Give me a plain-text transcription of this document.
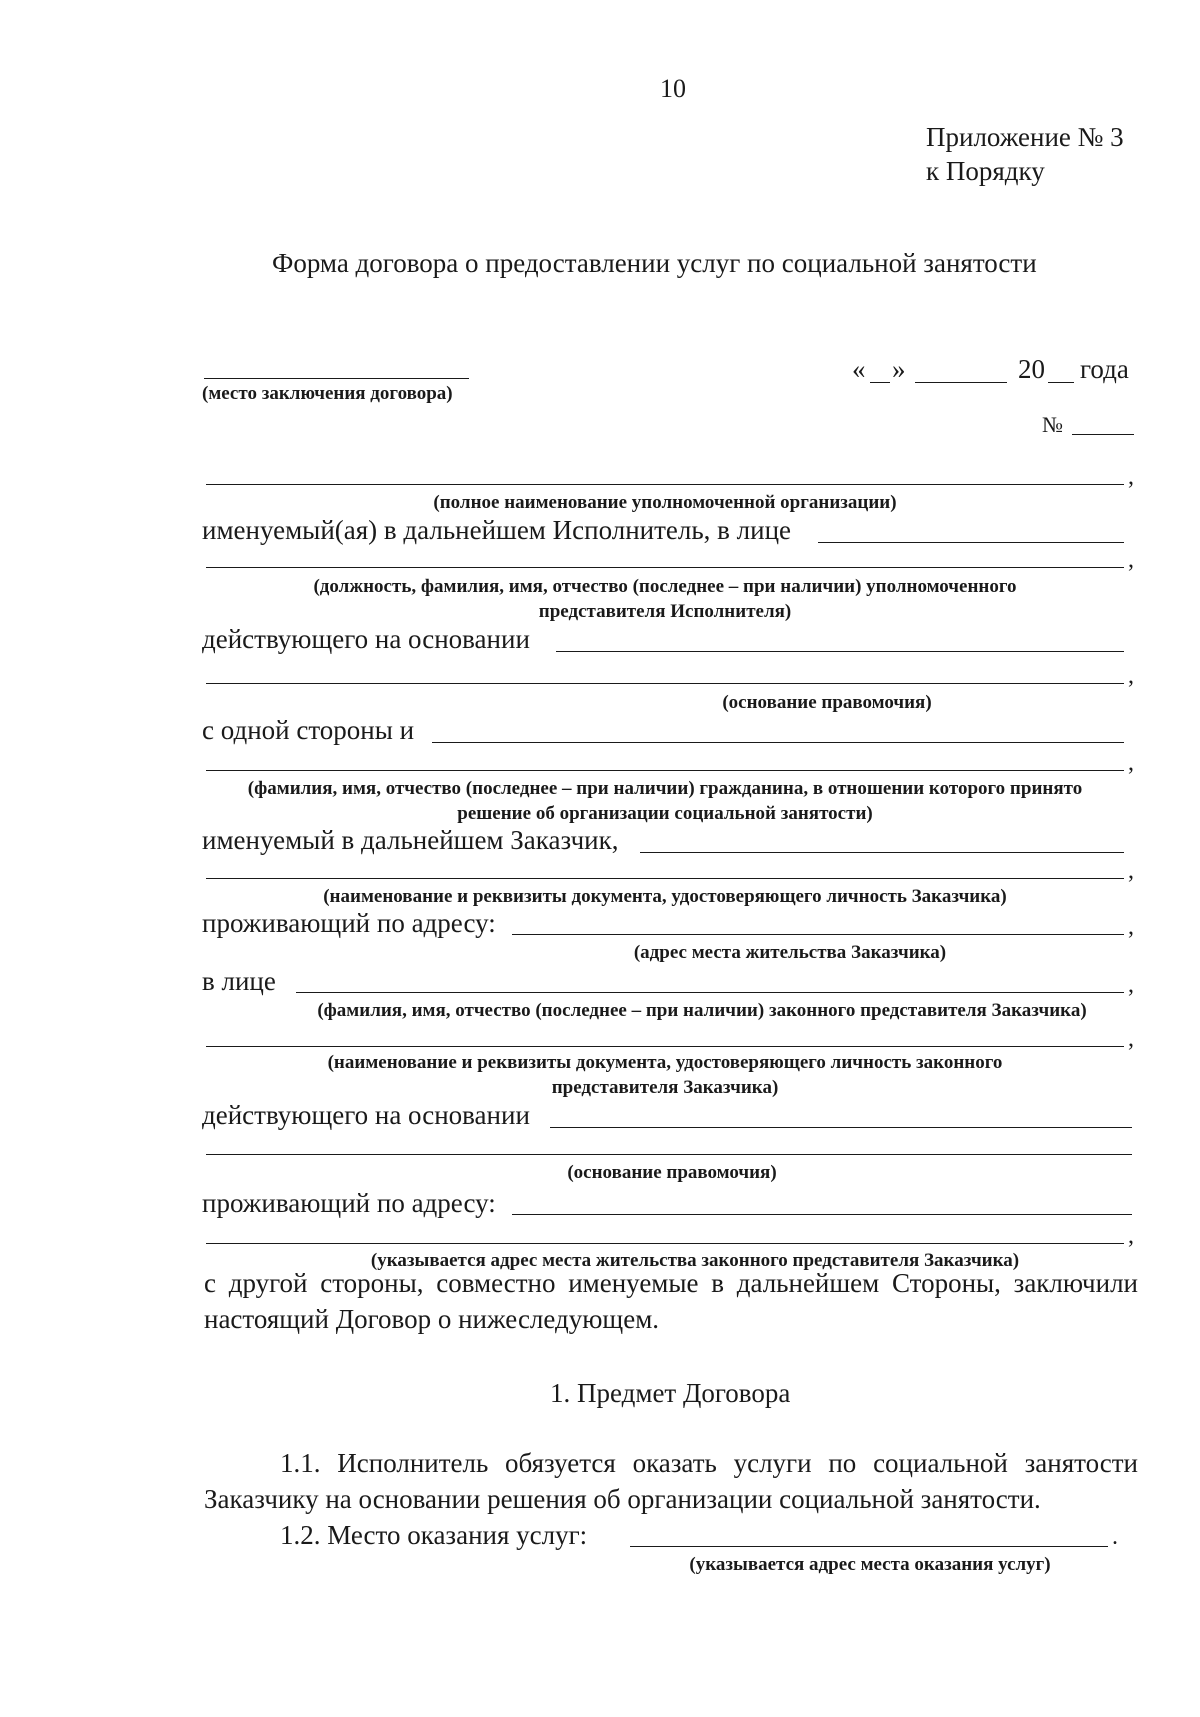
10
Приложение № 3
к Порядку
Форма договора о предоставлении услуг по социальной занятости
(место заключения договора)
« »	20 года
№
,
(полное наименование уполномоченной организации)
именуемый(ая) в дальнейшем Исполнитель, в лице
,
(должность, фамилия, имя, отчество (последнее – при наличии) уполномоченного
представителя Исполнителя)
действующего на основании
,
(основание правомочия)
с одной стороны и
,
(фамилия, имя, отчество (последнее – при наличии) гражданина, в отношении которого принято
решение об организации социальной занятости)
именуемый в дальнейшем Заказчик,
,
(наименование и реквизиты документа, удостоверяющего личность Заказчика)
проживающий по адресу:	,
(адрес места жительства Заказчика)
в лице	,
(фамилия, имя, отчество (последнее – при наличии) законного представителя Заказчика)
,
(наименование и реквизиты документа, удостоверяющего личность законного
представителя Заказчика)
действующего на основании
(основание правомочия)
проживающий по адресу:
,
(указывается адрес места жительства законного представителя Заказчика)
с другой стороны, совместно именуемые в дальнейшем Стороны, заключили
настоящий Договор о нижеследующем.
1. Предмет Договора
1.1. Исполнитель обязуется оказать услуги по социальной занятости
Заказчику на основании решения об организации социальной занятости.
1.2. Место оказания услуг:	.
(указывается адрес места оказания услуг)
